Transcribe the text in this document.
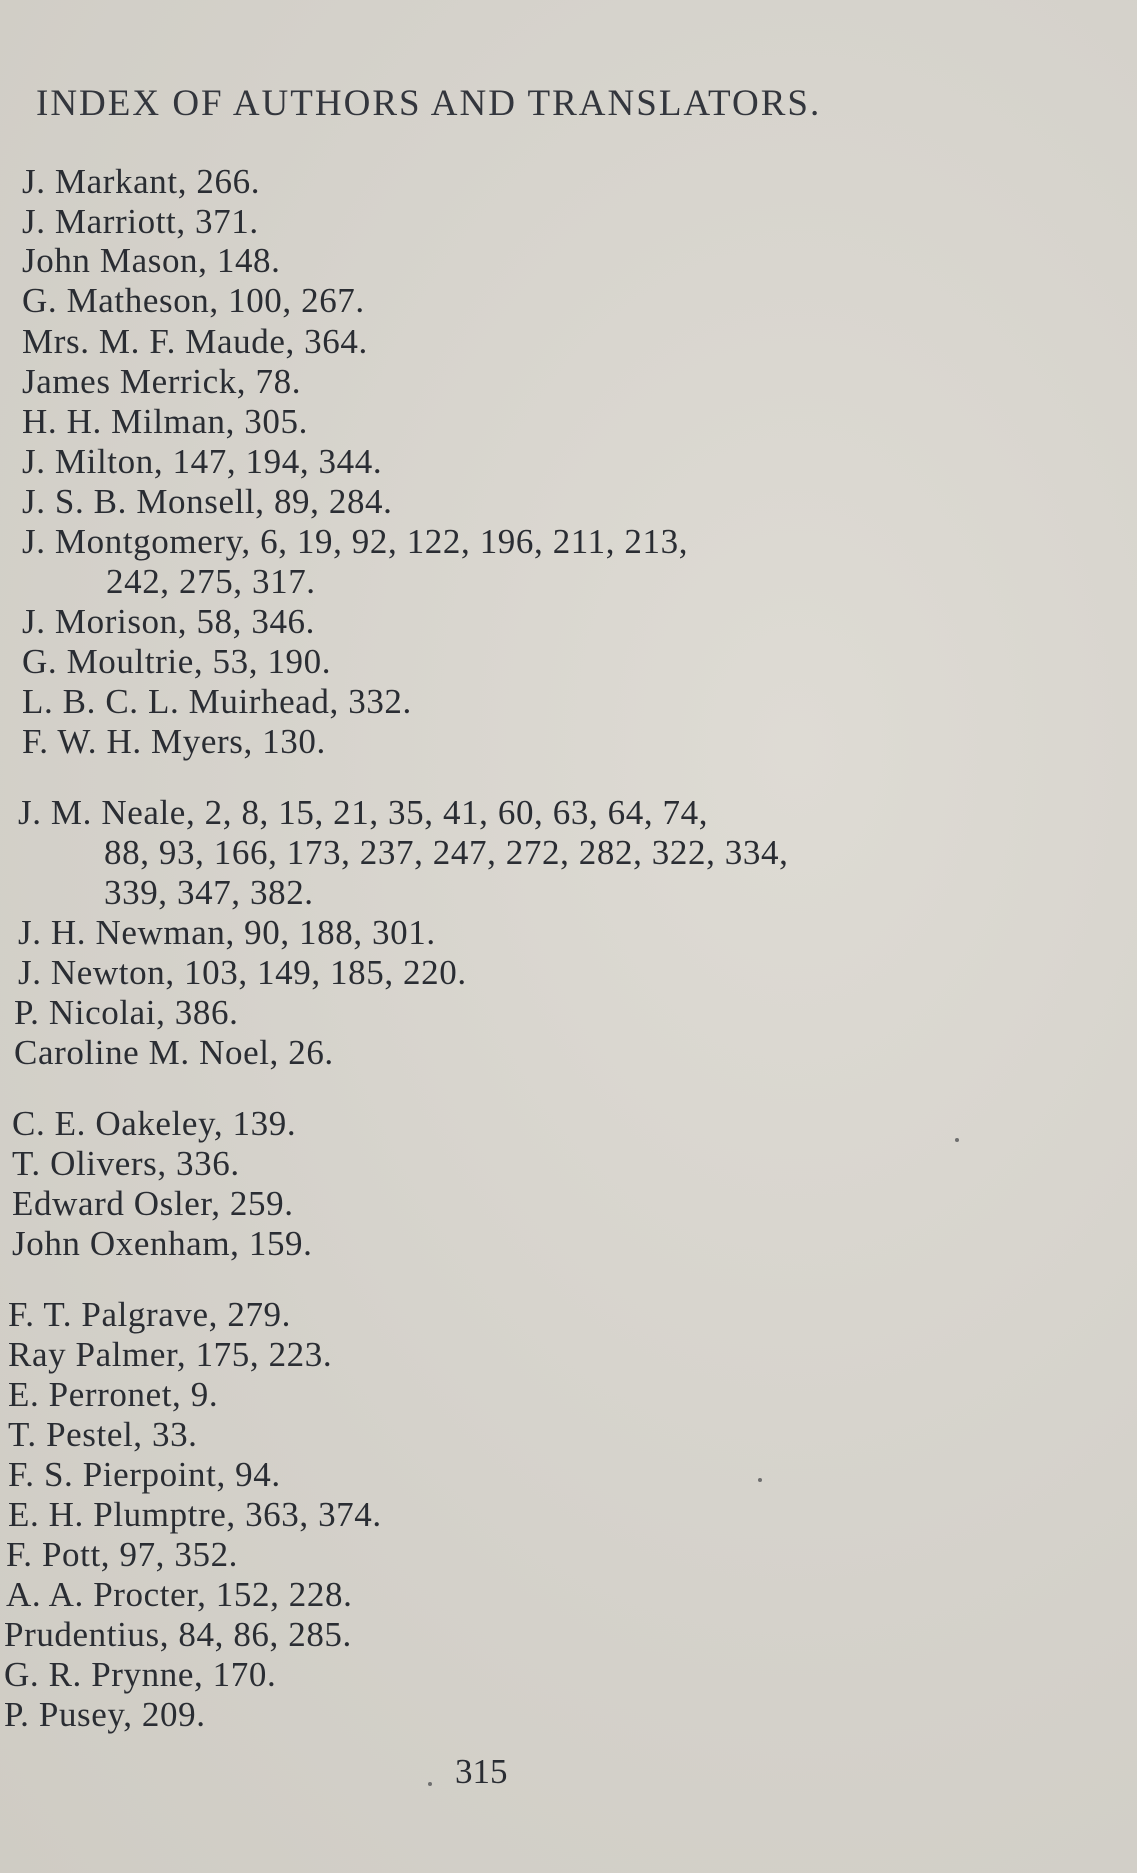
INDEX OF AUTHORS AND TRANSLATORS.
J. Markant, 266.
J. Marriott, 371.
John Mason, 148.
G. Matheson, 100, 267.
Mrs. M. F. Maude, 364.
James Merrick, 78.
H. H. Milman, 305.
J. Milton, 147, 194, 344.
J. S. B. Monsell, 89, 284.
J. Montgomery, 6, 19, 92, 122, 196, 211, 213,
242, 275, 317.
J. Morison, 58, 346.
G. Moultrie, 53, 190.
L. B. C. L. Muirhead, 332.
F. W. H. Myers, 130.
J. M. Neale, 2, 8, 15, 21, 35, 41, 60, 63, 64, 74,
88, 93, 166, 173, 237, 247, 272, 282, 322, 334,
339, 347, 382.
J. H. Newman, 90, 188, 301.
J. Newton, 103, 149, 185, 220.
P. Nicolai, 386.
Caroline M. Noel, 26.
C. E. Oakeley, 139.
T. Olivers, 336.
Edward Osler, 259.
John Oxenham, 159.
F. T. Palgrave, 279.
Ray Palmer, 175, 223.
E. Perronet, 9.
T. Pestel, 33.
F. S. Pierpoint, 94.
E. H. Plumptre, 363, 374.
F. Pott, 97, 352.
A. A. Procter, 152, 228.
Prudentius, 84, 86, 285.
G. R. Prynne, 170.
P. Pusey, 209.
315
